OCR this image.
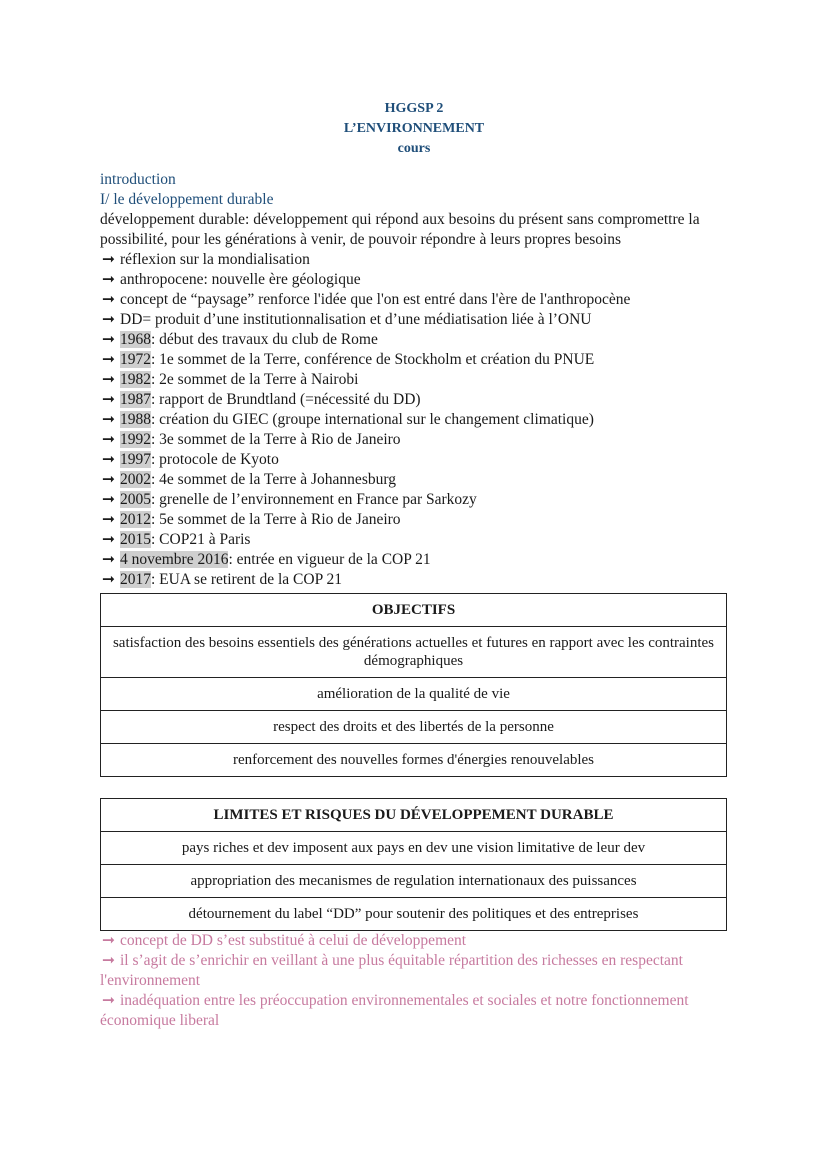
HGGSP 2
L’ENVIRONNEMENT
cours
introduction
I/ le développement durable
développement durable: développement qui répond aux besoins du présent sans compromettre la possibilité, pour les générations à venir, de pouvoir répondre à leurs propres besoins
➞ réflexion sur la mondialisation
➞ anthropocene: nouvelle ère géologique
➞ concept de “paysage” renforce l'idée que l'on est entré dans l'ère de l'anthropocène
➞ DD= produit d’une institutionnalisation et d’une médiatisation liée à l’ONU
➞ 1968: début des travaux du club de Rome
➞ 1972: 1e sommet de la Terre, conférence de Stockholm et création du PNUE
➞ 1982: 2e sommet de la Terre à Nairobi
➞ 1987: rapport de Brundtland (=nécessité du DD)
➞ 1988: création du GIEC (groupe international sur le changement climatique)
➞ 1992: 3e sommet de la Terre à Rio de Janeiro
➞ 1997: protocole de Kyoto
➞ 2002: 4e sommet de la Terre à Johannesburg
➞ 2005: grenelle de l’environnement en France par Sarkozy
➞ 2012: 5e sommet de la Terre à Rio de Janeiro
➞ 2015: COP21 à Paris
➞ 4 novembre 2016: entrée en vigueur de la COP 21
➞ 2017: EUA se retirent de la COP 21
OBJECTIFS
satisfaction des besoins essentiels des générations actuelles et futures en rapport avec les contraintes démographiques
amélioration de la qualité de vie
respect des droits et des libertés de la personne
renforcement des nouvelles formes d'énergies renouvelables
LIMITES ET RISQUES DU DÉVELOPPEMENT DURABLE
pays riches et dev imposent aux pays en dev une vision limitative de leur dev
appropriation des mecanismes de regulation internationaux des puissances
détournement du label “DD” pour soutenir des politiques et des entreprises
➞ concept de DD s’est substitué à celui de développement
➞ il s’agit de s’enrichir en veillant à une plus équitable répartition des richesses en respectant l'environnement
➞ inadéquation entre les préoccupation environnementales et sociales et notre fonctionnement économique liberal
